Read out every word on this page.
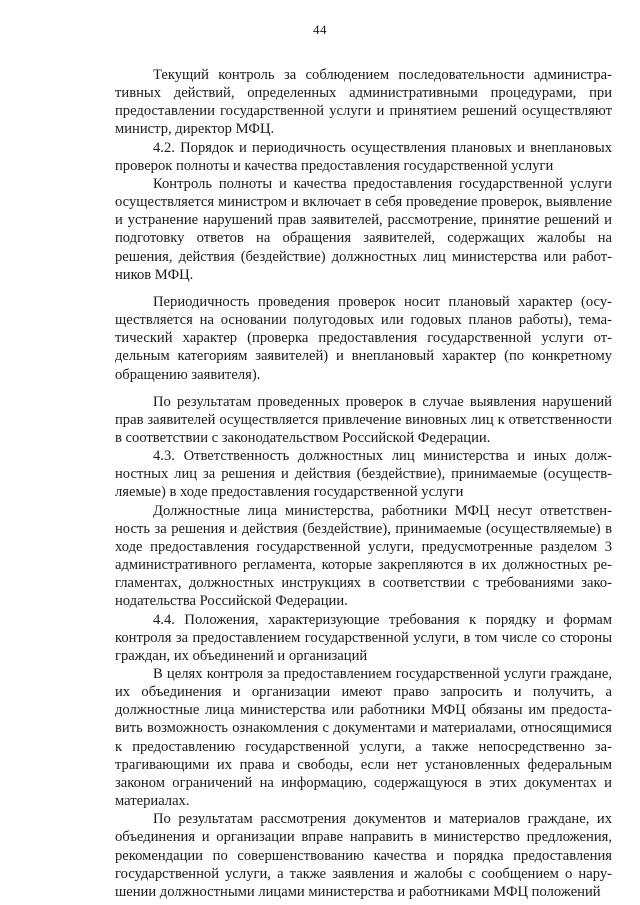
44

Текущий контроль за соблюдением последовательности административных действий, определенных административными процедурами, при предоставлении государственной услуги и принятием решений осуществляют министр, директор МФЦ.

4.2. Порядок и периодичность осуществления плановых и внеплановых проверок полноты и качества предоставления государственной услуги

Контроль полноты и качества предоставления государственной услуги осуществляется министром и включает в себя проведение проверок, выявление и устранение нарушений прав заявителей, рассмотрение, принятие решений и подготовку ответов на обращения заявителей, содержащих жалобы на решения, действия (бездействие) должностных лиц министерства или работников МФЦ.

Периодичность проведения проверок носит плановый характер (осуществляется на основании полугодовых или годовых планов работы), тематический характер (проверка предоставления государственной услуги отдельным категориям заявителей) и внеплановый характер (по конкретному обращению заявителя).

По результатам проведенных проверок в случае выявления нарушений прав заявителей осуществляется привлечение виновных лиц к ответственности в соответствии с законодательством Российской Федерации.

4.3. Ответственность должностных лиц министерства и иных должностных лиц за решения и действия (бездействие), принимаемые (осуществляемые) в ходе предоставления государственной услуги

Должностные лица министерства, работники МФЦ несут ответственность за решения и действия (бездействие), принимаемые (осуществляемые) в ходе предоставления государственной услуги, предусмотренные разделом 3 административного регламента, которые закрепляются в их должностных регламентах, должностных инструкциях в соответствии с требованиями законодательства Российской Федерации.

4.4. Положения, характеризующие требования к порядку и формам контроля за предоставлением государственной услуги, в том числе со стороны граждан, их объединений и организаций

В целях контроля за предоставлением государственной услуги граждане, их объединения и организации имеют право запросить и получить, а должностные лица министерства или работники МФЦ обязаны им предоставить возможность ознакомления с документами и материалами, относящимися к предоставлению государственной услуги, а также непосредственно затрагивающими их права и свободы, если нет установленных федеральным законом ограничений на информацию, содержащуюся в этих документах и материалах.

По результатам рассмотрения документов и материалов граждане, их объединения и организации вправе направить в министерство предложения, рекомендации по совершенствованию качества и порядка предоставления государственной услуги, а также заявления и жалобы с сообщением о нарушении должностными лицами министерства и работниками МФЦ положений
